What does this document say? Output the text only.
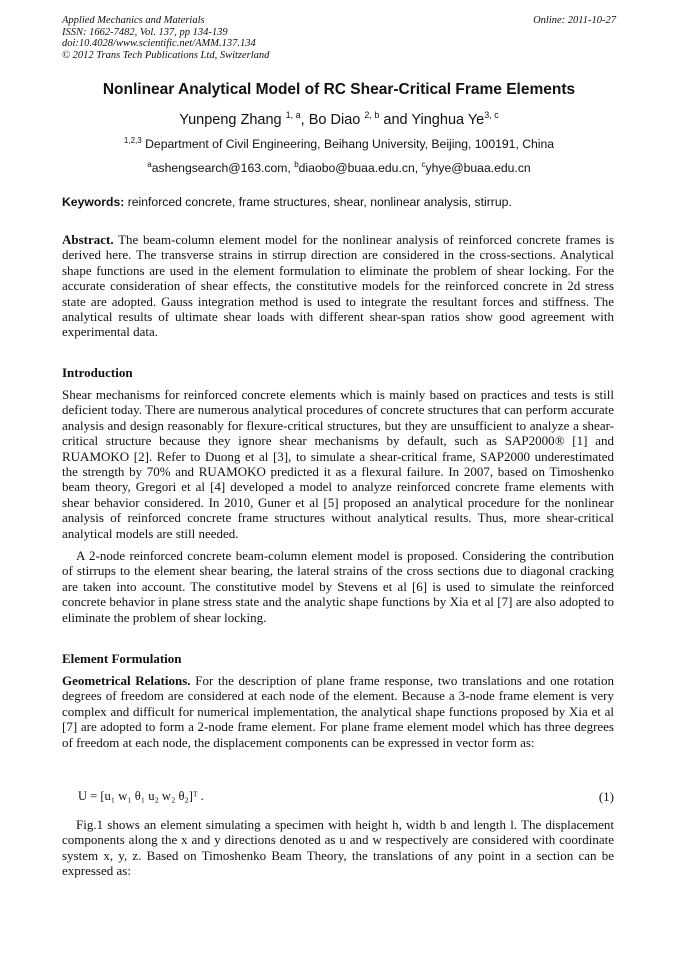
Applied Mechanics and Materials
ISSN: 1662-7482, Vol. 137, pp 134-139
doi:10.4028/www.scientific.net/AMM.137.134
© 2012 Trans Tech Publications Ltd, Switzerland
Online: 2011-10-27
Nonlinear Analytical Model of RC Shear-Critical Frame Elements
Yunpeng Zhang $^{1, a}$, Bo Diao $^{2, b}$ and Yinghua Ye$^{3, c}$
$^{1,2,3}$ Department of Civil Engineering, Beihang University, Beijing, 100191, China
$^a$ashengsearch@163.com, $^b$diaobo@buaa.edu.cn, $^c$yhye@buaa.edu.cn
Keywords: reinforced concrete, frame structures, shear, nonlinear analysis, stirrup.
Abstract. The beam-column element model for the nonlinear analysis of reinforced concrete frames is derived here. The transverse strains in stirrup direction are considered in the cross-sections. Analytical shape functions are used in the element formulation to eliminate the problem of shear locking. For the accurate consideration of shear effects, the constitutive models for the reinforced concrete in 2d stress state are adopted. Gauss integration method is used to integrate the resultant forces and stiffness. The analytical results of ultimate shear loads with different shear-span ratios show good agreement with experimental data.
Introduction
Shear mechanisms for reinforced concrete elements which is mainly based on practices and tests is still deficient today. There are numerous analytical procedures of concrete structures that can perform accurate analysis and design reasonably for flexure-critical structures, but they are unsufficient to analyze a shear-critical structure because they ignore shear mechanisms by default, such as SAP2000® [1] and RUAMOKO [2]. Refer to Duong et al [3], to simulate a shear-critical frame, SAP2000 underestimated the strength by 70% and RUAMOKO predicted it as a flexural failure. In 2007, based on Timoshenko beam theory, Gregori et al [4] developed a model to analyze reinforced concrete frame elements with shear behavior considered. In 2010, Guner et al [5] proposed an analytical procedure for the nonlinear analysis of reinforced concrete frame structures without analytical results. Thus, more shear-critical analytical models are still needed.
A 2-node reinforced concrete beam-column element model is proposed. Considering the contribution of stirrups to the element shear bearing, the lateral strains of the cross sections due to diagonal cracking are taken into account. The constitutive model by Stevens et al [6] is used to simulate the reinforced concrete behavior in plane stress state and the analytic shape functions by Xia et al [7] are also adopted to eliminate the problem of shear locking.
Element Formulation
Geometrical Relations. For the description of plane frame response, two translations and one rotation degrees of freedom are considered at each node of the element. Because a 3-node frame element is very complex and difficult for numerical implementation, the analytical shape functions proposed by Xia et al [7] are adopted to form a 2-node frame element. For plane frame element model which has three degrees of freedom at each node, the displacement components can be expressed in vector form as:
U = [u₁ w₁ θ₁ u₂ w₂ θ₂]ᵀ .	(1)
Fig.1 shows an element simulating a specimen with height h, width b and length l. The displacement components along the x and y directions denoted as u and w respectively are considered with coordinate system x, y, z. Based on Timoshenko Beam Theory, the translations of any point in a section can be expressed as:
